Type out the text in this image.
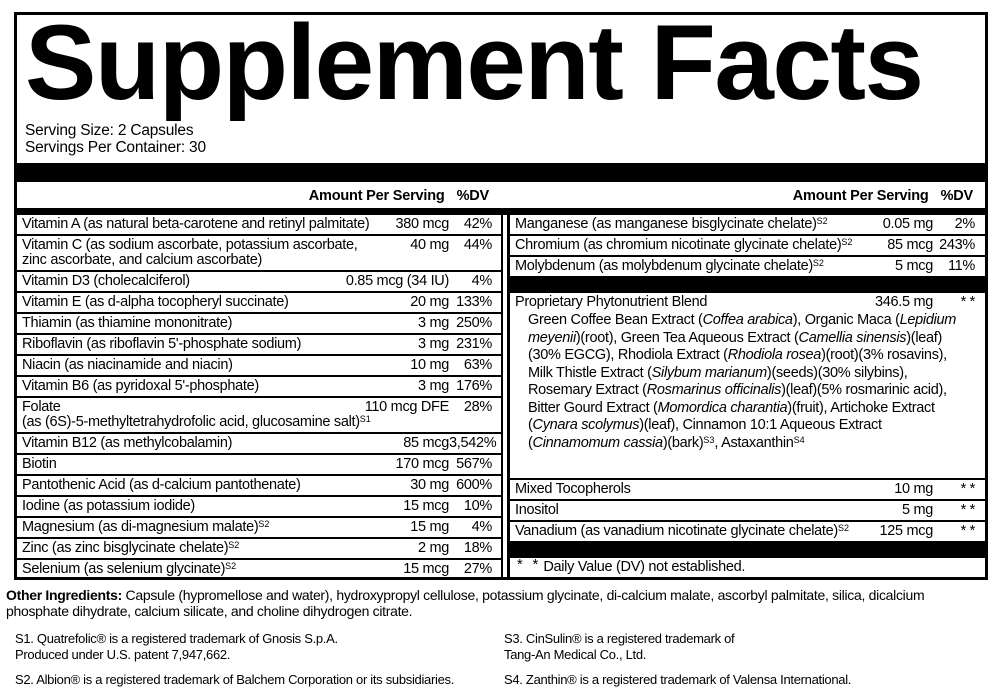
Supplement Facts
Serving Size: 2 Capsules
Servings Per Container: 30
Amount Per Serving %DV	Amount Per Serving %DV
Vitamin A (as natural beta-carotene and retinyl palmitate) 380 mcg	42%
Vitamin C (as sodium ascorbate, potassium ascorbate,	40 mg	44%
zinc ascorbate, and calcium ascorbate)
Vitamin D3 (cholecalciferol)	0.85 mcg (34 IU)	4%
Vitamin E (as d-alpha tocopheryl succinate)	20 mg 133%
Thiamin (as thiamine mononitrate)	3 mg 250%
Riboflavin (as riboflavin 5'-phosphate sodium)	3 mg 231%
Niacin (as niacinamide and niacin)	10 mg	63%
Vitamin B6 (as pyridoxal 5'-phosphate)	3 mg 176%
Folate	110 mcg DFE	28%
(as (6S)-5-methyltetrahydrofolic acid, glucosamine salt)$^{S1}$
Vitamin B12 (as methylcobalamin)	85 mcg 3,542%
Biotin	170 mcg 567%
Pantothenic Acid (as d-calcium pantothenate)	30 mg 600%
Iodine (as potassium iodide)	15 mcg	10%
Magnesium (as di-magnesium malate)$^{S2}$	15 mg	4%
Zinc (as zinc bisglycinate chelate)$^{S2}$	2 mg	18%
Selenium (as selenium glycinate)$^{S2}$	15 mcg	27%
Manganese (as manganese bisglycinate chelate)$^{S2}$	0.05 mg	2%
Chromium (as chromium nicotinate glycinate chelate)$^{S2}$ 85 mcg 243%
Molybdenum (as molybdenum glycinate chelate)$^{S2}$	5 mcg	11%
Proprietary Phytonutrient Blend	346.5 mg	* *
Green Coffee Bean Extract (Coffea arabica), Organic Maca (Lepidium meyenii)(root), Green Tea Aqueous Extract (Camellia sinensis)(leaf)(30% EGCG), Rhodiola Extract (Rhodiola rosea)(root)(3% rosavins), Milk Thistle Extract (Silybum marianum)(seeds)(30% silybins), Rosemary Extract (Rosmarinus officinalis)(leaf)(5% rosmarinic acid), Bitter Gourd Extract (Momordica charantia)(fruit), Artichoke Extract (Cynara scolymus)(leaf), Cinnamon 10:1 Aqueous Extract (Cinnamomum cassia)(bark)$^{S3}$, Astaxanthin$^{S4}$
Mixed Tocopherols	10 mg	* *
Inositol	5 mg	* *
Vanadium (as vanadium nicotinate glycinate chelate)$^{S2}$ 125 mcg	* *
* * Daily Value (DV) not established.

Other Ingredients: Capsule (hypromellose and water), hydroxypropyl cellulose, potassium glycinate, di-calcium malate, ascorbyl palmitate, silica, dicalcium phosphate dihydrate, calcium silicate, and choline dihydrogen citrate.

S1. Quatrefolic® is a registered trademark of Gnosis S.p.A.
Produced under U.S. patent 7,947,662.
S2. Albion® is a registered trademark of Balchem Corporation or its subsidiaries.
S3. CinSulin® is a registered trademark of
Tang-An Medical Co., Ltd.
S4. Zanthin® is a registered trademark of Valensa International.
